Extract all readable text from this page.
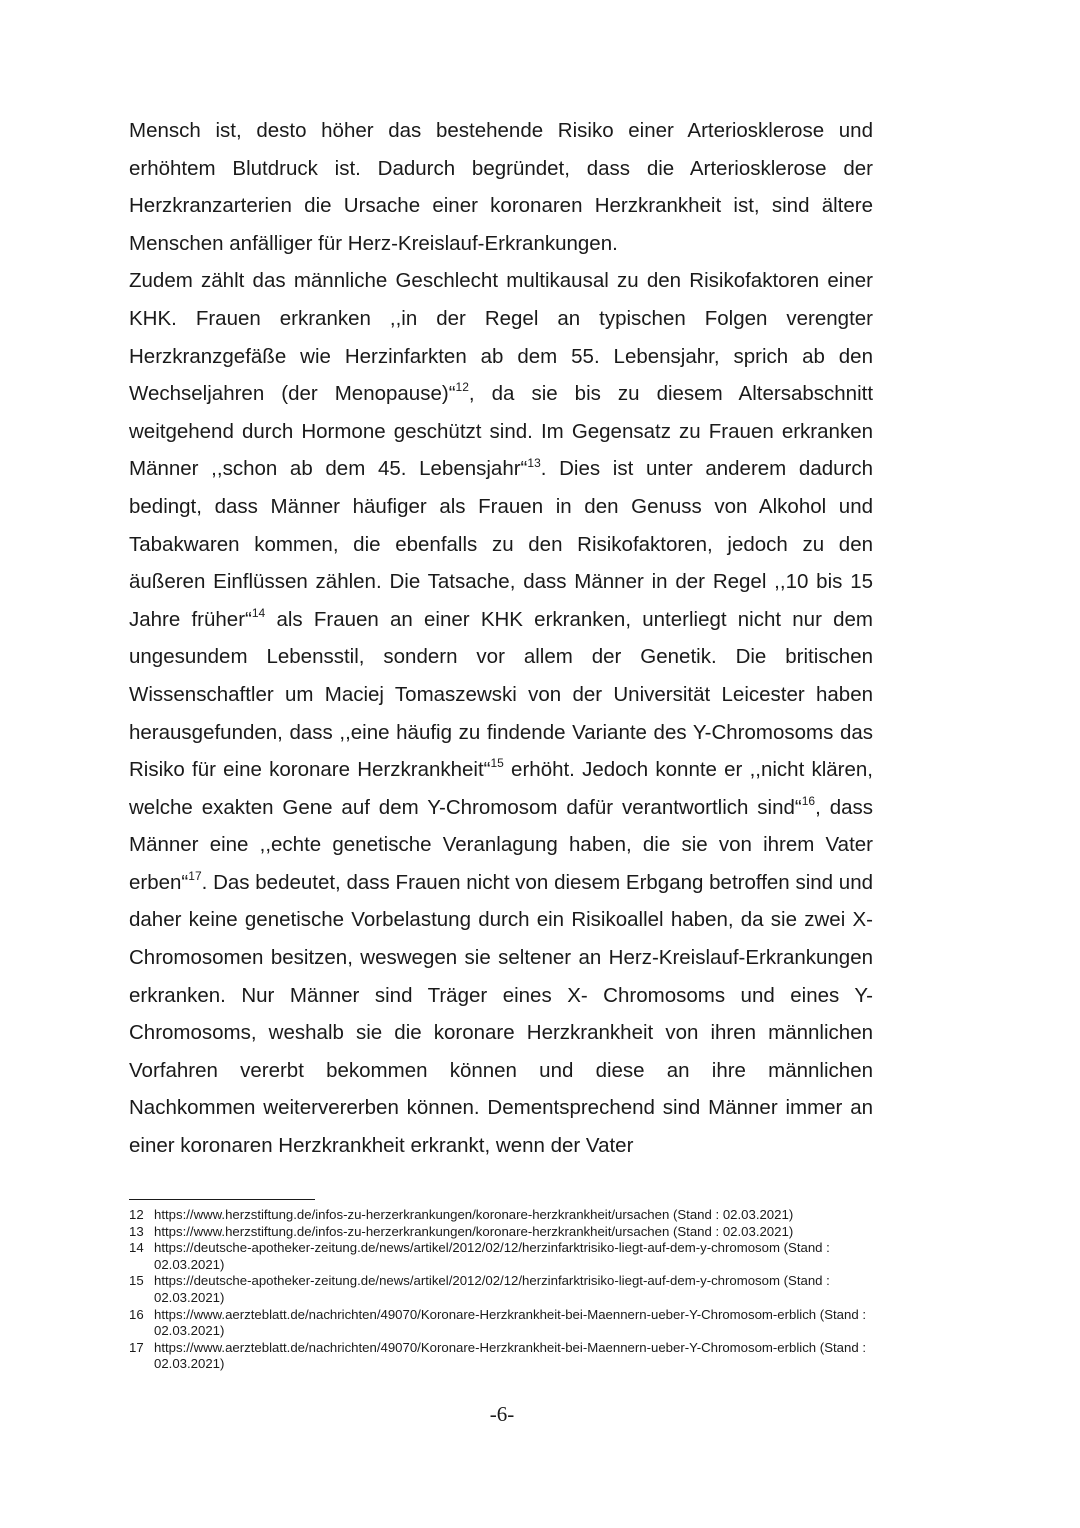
Mensch ist, desto höher das bestehende Risiko einer Arteriosklerose und erhöhtem Blutdruck ist. Dadurch begründet, dass die Arteriosklerose der Herzkranzarterien die Ursache einer koronaren Herzkrankheit ist, sind ältere Menschen anfälliger für Herz-Kreislauf-Erkrankungen.

Zudem zählt das männliche Geschlecht multikausal zu den Risikofaktoren einer KHK. Frauen erkranken ,,in der Regel an typischen Folgen verengter Herzkranzgefäße wie Herzinfarkten ab dem 55. Lebensjahr, sprich ab den Wechseljahren (der Menopause)“$^{12}$, da sie bis zu diesem Altersabschnitt weitgehend durch Hormone geschützt sind. Im Gegensatz zu Frauen erkranken Männer ,,schon ab dem 45. Lebensjahr“$^{13}$. Dies ist unter anderem dadurch bedingt, dass Männer häufiger als Frauen in den Genuss von Alkohol und Tabakwaren kommen, die ebenfalls zu den Risikofaktoren, jedoch zu den äußeren Einflüssen zählen. Die Tatsache, dass Männer in der Regel ,,10 bis 15 Jahre früher“$^{14}$ als Frauen an einer KHK erkranken, unterliegt nicht nur dem ungesundem Lebensstil, sondern vor allem der Genetik. Die britischen Wissenschaftler um Maciej Tomaszewski von der Universität Leicester haben herausgefunden, dass ,,eine häufig zu findende Variante des Y-Chromosoms das Risiko für eine koronare Herzkrankheit“$^{15}$ erhöht. Jedoch konnte er ,,nicht klären, welche exakten Gene auf dem Y-Chromosom dafür verantwortlich sind“$^{16}$, dass Männer eine ,,echte genetische Veranlagung haben, die sie von ihrem Vater erben“$^{17}$. Das bedeutet, dass Frauen nicht von diesem Erbgang betroffen sind und daher keine genetische Vorbelastung durch ein Risikoallel haben, da sie zwei X-Chromosomen besitzen, weswegen sie seltener an Herz-Kreislauf-Erkrankungen erkranken. Nur Männer sind Träger eines X- Chromosoms und eines Y-Chromosoms, weshalb sie die koronare Herzkrankheit von ihren männlichen Vorfahren vererbt bekommen können und diese an ihre männlichen Nachkommen weitervererben können. Dementsprechend sind Männer immer an einer koronaren Herzkrankheit erkrankt, wenn der Vater

12 https://www.herzstiftung.de/infos-zu-herzerkrankungen/koronare-herzkrankheit/ursachen (Stand : 02.03.2021)
13 https://www.herzstiftung.de/infos-zu-herzerkrankungen/koronare-herzkrankheit/ursachen (Stand : 02.03.2021)
14 https://deutsche-apotheker-zeitung.de/news/artikel/2012/02/12/herzinfarktrisiko-liegt-auf-dem-y-chromosom (Stand : 02.03.2021)
15 https://deutsche-apotheker-zeitung.de/news/artikel/2012/02/12/herzinfarktrisiko-liegt-auf-dem-y-chromosom (Stand : 02.03.2021)
16 https://www.aerzteblatt.de/nachrichten/49070/Koronare-Herzkrankheit-bei-Maennern-ueber-Y-Chromosom-erblich (Stand : 02.03.2021)
17 https://www.aerzteblatt.de/nachrichten/49070/Koronare-Herzkrankheit-bei-Maennern-ueber-Y-Chromosom-erblich (Stand : 02.03.2021)
-6-
